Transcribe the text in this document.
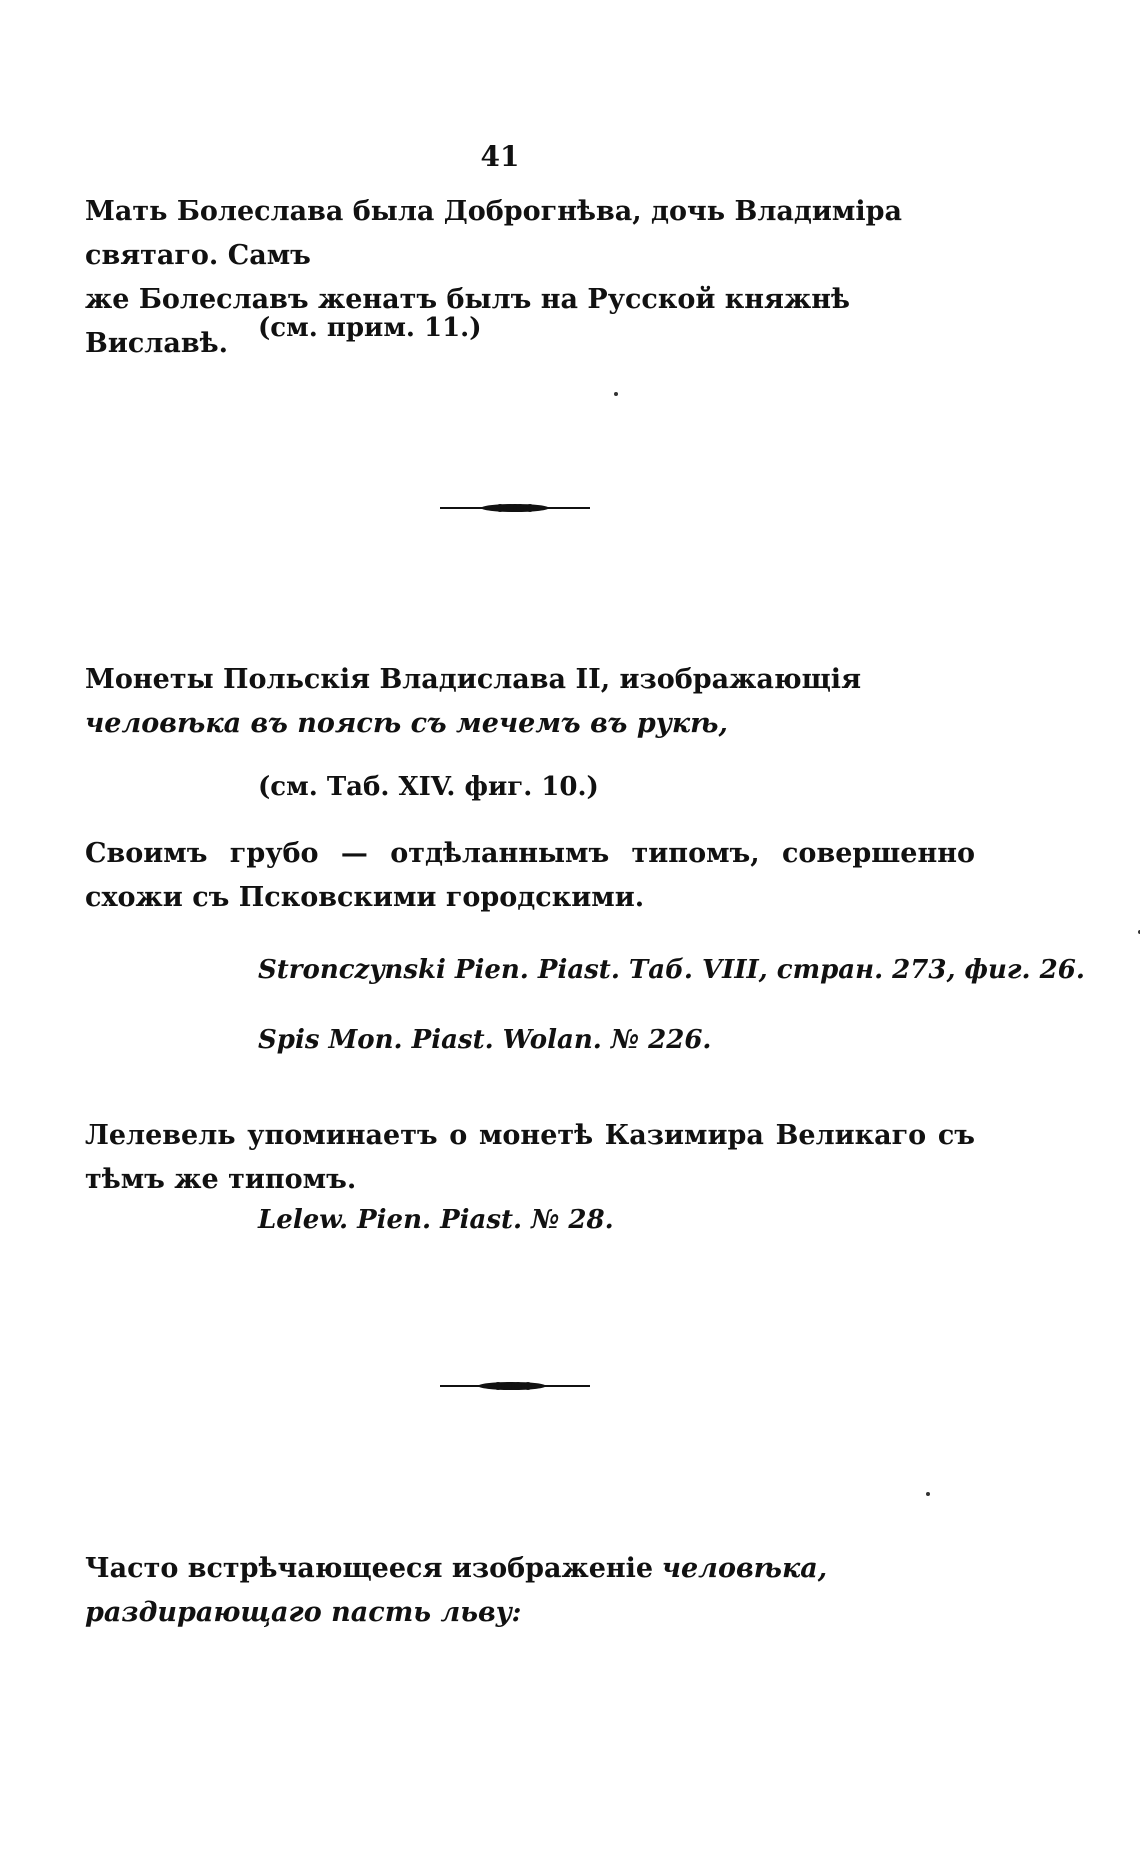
41
Мать Болеслава была Доброгнѣва, дочь Владиміра святаго. Самъ
же Болеславъ женатъ былъ на Русской княжнѣ Виславѣ.	(см. прим. 11.)
Монеты Польскія Владислава II, изображающія человѣка въ поясѣ съ мечемъ въ рукѣ,
(см. Таб. XIV. фиг. 10.)
Своимъ грубо — отдѣланнымъ типомъ, совершенно схожи съ Псковскими городскими.
Stronczynski Pien. Piast. Таб. VIII, стран. 273, фиг. 26.
Spis Mon. Piast. Wolan. № 226.
Лелевель упоминаетъ о монетѣ Казимира Великаго съ тѣмъ же типомъ.
Lelew. Pien. Piast. № 28.
Часто встрѣчающееся изображеніе человѣка, раздирающаго пасть львy:
